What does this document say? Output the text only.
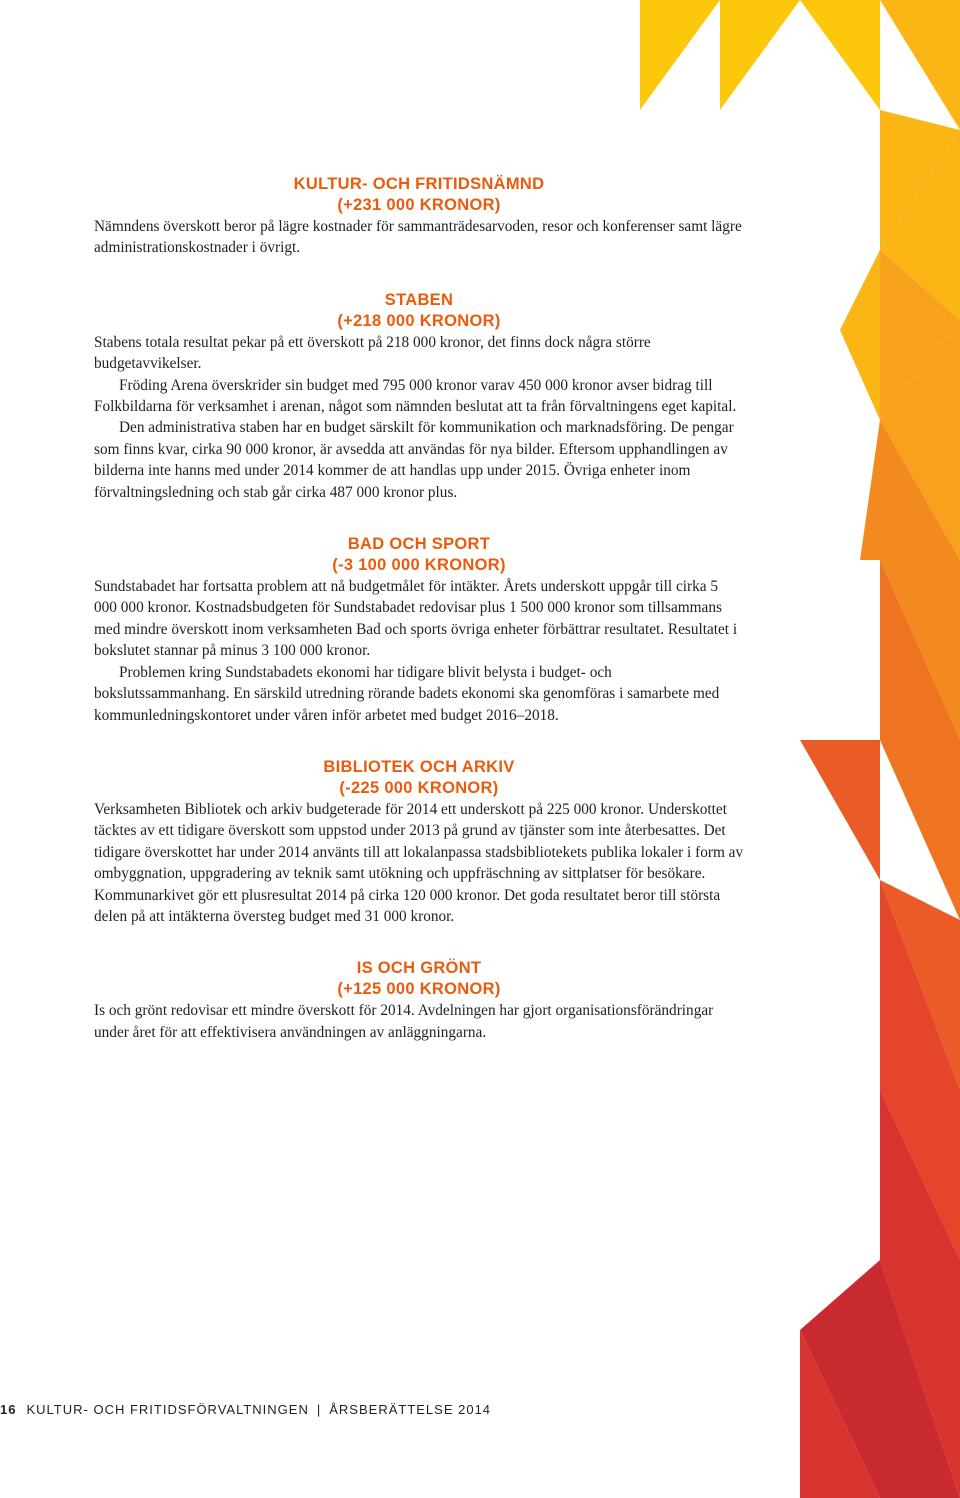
KULTUR- OCH FRITIDSNÄMND
(+231 000 KRONOR)

Nämndens överskott beror på lägre kostnader för sammanträdesarvoden, resor och konferenser samt lägre administrationskostnader i övrigt.

STABEN
(+218 000 KRONOR)

Stabens totala resultat pekar på ett överskott på 218 000 kronor, det finns dock några större budgetavvikelser.

Fröding Arena överskrider sin budget med 795 000 kronor varav 450 000 kronor avser bidrag till Folkbildarna för verksamhet i arenan, något som nämnden beslutat att ta från förvaltningens eget kapital.

Den administrativa staben har en budget särskilt för kommunikation och marknadsföring. De pengar som finns kvar, cirka 90 000 kronor, är avsedda att användas för nya bilder. Eftersom upphandlingen av bilderna inte hanns med under 2014 kommer de att handlas upp under 2015. Övriga enheter inom förvaltningsledning och stab går cirka 487 000 kronor plus.

BAD OCH SPORT
(-3 100 000 KRONOR)

Sundstabadet har fortsatta problem att nå budgetmålet för intäkter. Årets underskott uppgår till cirka 5 000 000 kronor. Kostnadsbudgeten för Sundstabadet redovisar plus 1 500 000 kronor som tillsammans med mindre överskott inom verksamheten Bad och sports övriga enheter förbättrar resultatet. Resultatet i bokslutet stannar på minus 3 100 000 kronor.

Problemen kring Sundstabadets ekonomi har tidigare blivit belysta i budget- och bokslutssammanhang. En särskild utredning rörande badets ekonomi ska genomföras i samarbete med kommunledningskontoret under våren inför arbetet med budget 2016–2018.

BIBLIOTEK OCH ARKIV
(-225 000 KRONOR)

Verksamheten Bibliotek och arkiv budgeterade för 2014 ett underskott på 225 000 kronor. Underskottet täcktes av ett tidigare överskott som uppstod under 2013 på grund av tjänster som inte återbesattes. Det tidigare överskottet har under 2014 använts till att lokalanpassa stadsbibliotekets publika lokaler i form av ombyggnation, uppgradering av teknik samt utökning och uppfräschning av sittplatser för besökare. Kommunarkivet gör ett plusresultat 2014 på cirka 120 000 kronor. Det goda resultatet beror till största delen på att intäkterna översteg budget med 31 000 kronor.

IS OCH GRÖNT
(+125 000 KRONOR)

Is och grönt redovisar ett mindre överskott för 2014. Avdelningen har gjort organisationsförändringar under året för att effektivisera användningen av anläggningarna.

16 KULTUR- OCH FRITIDSFÖRVALTNINGEN | ÅRSBERÄTTELSE 2014
